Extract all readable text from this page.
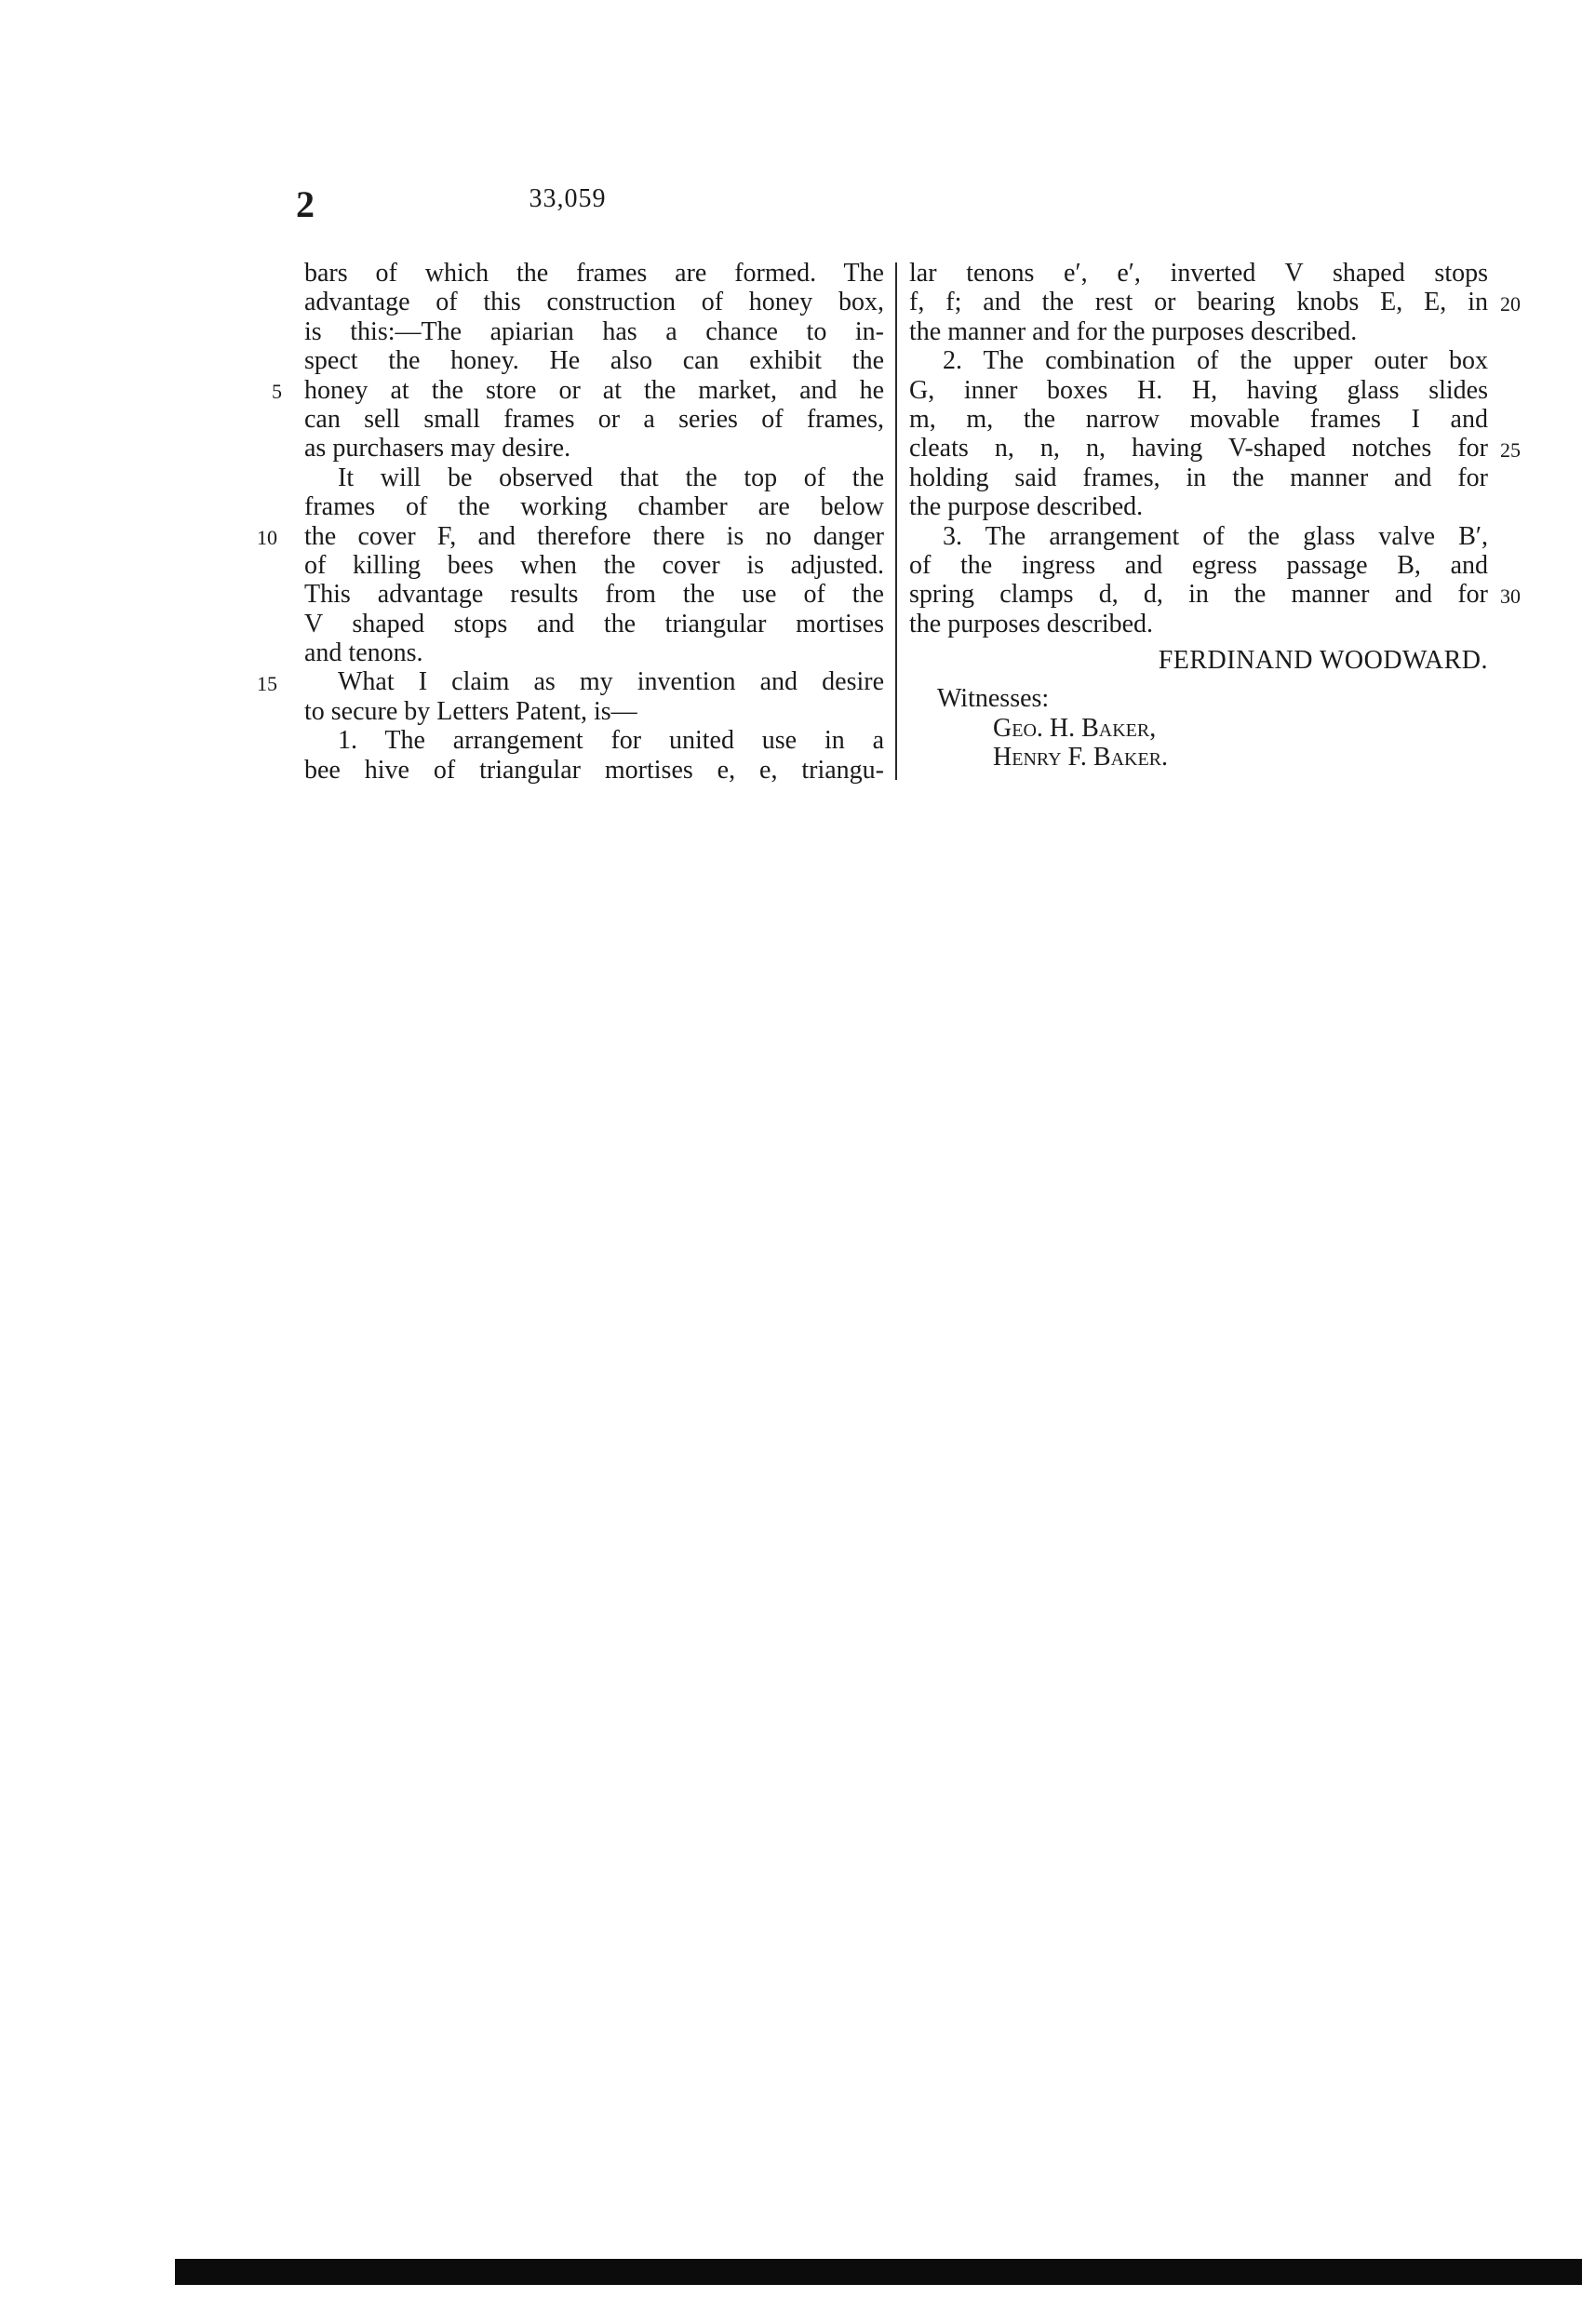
2	33,059
bars of which the frames are formed. The
advantage of this construction of honey box,
is this:—The apiarian has a chance to in-
spect the honey. He also can exhibit the
honey at the store or at the market, and he
can sell small frames or a series of frames,
as purchasers may desire.
It will be observed that the top of the
frames of the working chamber are below
the cover F, and therefore there is no danger
of killing bees when the cover is adjusted.
This advantage results from the use of the
V shaped stops and the triangular mortises
and tenons.
What I claim as my invention and desire
to secure by Letters Patent, is—
1. The arrangement for united use in a
bee hive of triangular mortises e, e, triangu-
lar tenons e′, e′, inverted V shaped stops
f, f; and the rest or bearing knobs E, E, in
the manner and for the purposes described.
2. The combination of the upper outer box
G, inner boxes H. H, having glass slides
m, m, the narrow movable frames I and
cleats n, n, n, having V-shaped notches for
holding said frames, in the manner and for
the purpose described.
3. The arrangement of the glass valve B′,
of the ingress and egress passage B, and
spring clamps d, d, in the manner and for
the purposes described.
FERDINAND WOODWARD.
Witnesses:
Geo. H. Baker,
Henry F. Baker.
5
10
15
20
25
30
